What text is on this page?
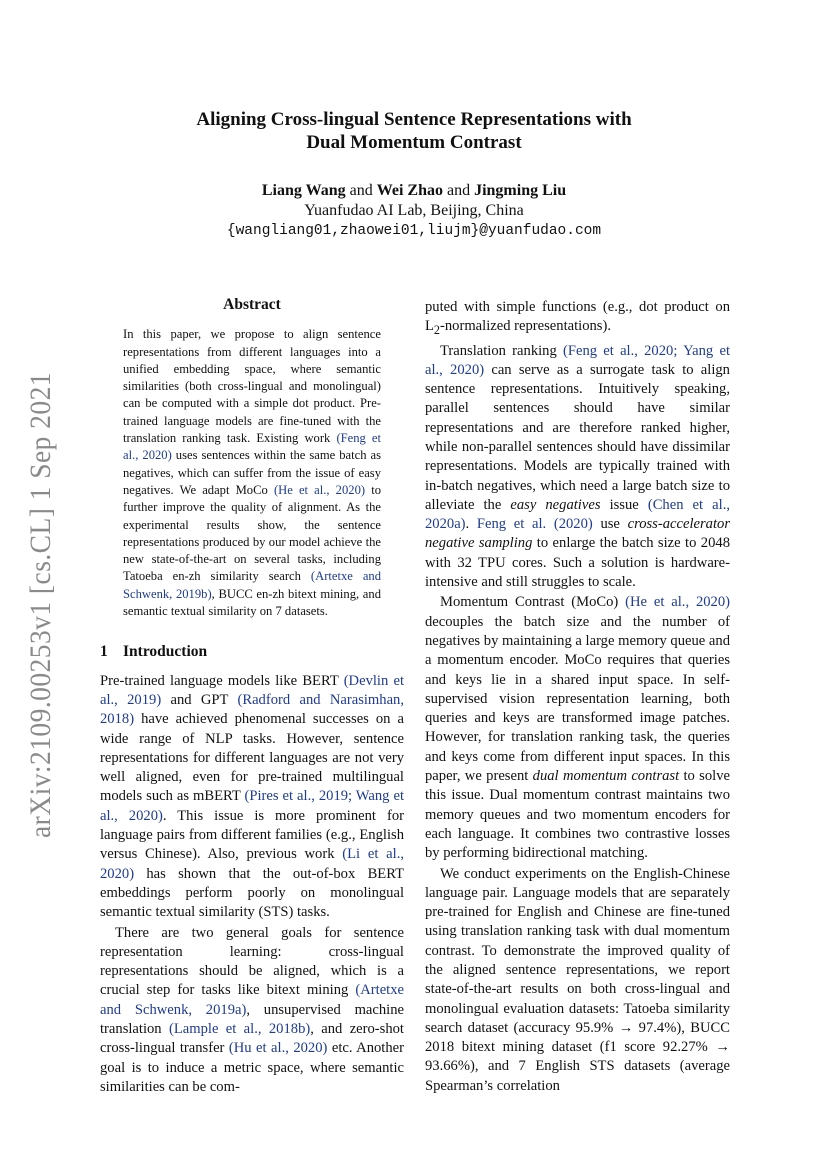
arXiv:2109.00253v1 [cs.CL] 1 Sep 2021
Aligning Cross-lingual Sentence Representations with
Dual Momentum Contrast
Liang Wang and Wei Zhao and Jingming Liu
Yuanfudao AI Lab, Beijing, China
{wangliang01,zhaowei01,liujm}@yuanfudao.com
Abstract
In this paper, we propose to align sentence representations from different languages into a unified embedding space, where semantic similarities (both cross-lingual and monolingual) can be computed with a simple dot product. Pre-trained language models are fine-tuned with the translation ranking task. Existing work (Feng et al., 2020) uses sentences within the same batch as negatives, which can suffer from the issue of easy negatives. We adapt MoCo (He et al., 2020) to further improve the quality of alignment. As the experimental results show, the sentence representations produced by our model achieve the new state-of-the-art on several tasks, including Tatoeba en-zh similarity search (Artetxe and Schwenk, 2019b), BUCC en-zh bitext mining, and semantic textual similarity on 7 datasets.
1 Introduction

Pre-trained language models like BERT (Devlin et al., 2019) and GPT (Radford and Narasimhan, 2018) have achieved phenomenal successes on a wide range of NLP tasks. However, sentence representations for different languages are not very well aligned, even for pre-trained multilingual models such as mBERT (Pires et al., 2019; Wang et al., 2020). This issue is more prominent for language pairs from different families (e.g., English versus Chinese). Also, previous work (Li et al., 2020) has shown that the out-of-box BERT embeddings perform poorly on monolingual semantic textual similarity (STS) tasks.

There are two general goals for sentence representation learning: cross-lingual representations should be aligned, which is a crucial step for tasks like bitext mining (Artetxe and Schwenk, 2019a), unsupervised machine translation (Lample et al., 2018b), and zero-shot cross-lingual transfer (Hu et al., 2020) etc. Another goal is to induce a metric space, where semantic similarities can be com-

puted with simple functions (e.g., dot product on $L_2$-normalized representations).

Translation ranking (Feng et al., 2020; Yang et al., 2020) can serve as a surrogate task to align sentence representations. Intuitively speaking, parallel sentences should have similar representations and are therefore ranked higher, while non-parallel sentences should have dissimilar representations. Models are typically trained with in-batch negatives, which need a large batch size to alleviate the easy negatives issue (Chen et al., 2020a). Feng et al. (2020) use cross-accelerator negative sampling to enlarge the batch size to 2048 with 32 TPU cores. Such a solution is hardware-intensive and still struggles to scale.

Momentum Contrast (MoCo) (He et al., 2020) decouples the batch size and the number of negatives by maintaining a large memory queue and a momentum encoder. MoCo requires that queries and keys lie in a shared input space. In self-supervised vision representation learning, both queries and keys are transformed image patches. However, for translation ranking task, the queries and keys come from different input spaces. In this paper, we present dual momentum contrast to solve this issue. Dual momentum contrast maintains two memory queues and two momentum encoders for each language. It combines two contrastive losses by performing bidirectional matching.

We conduct experiments on the English-Chinese language pair. Language models that are separately pre-trained for English and Chinese are fine-tuned using translation ranking task with dual momentum contrast. To demonstrate the improved quality of the aligned sentence representations, we report state-of-the-art results on both cross-lingual and monolingual evaluation datasets: Tatoeba similarity search dataset (accuracy 95.9% → 97.4%), BUCC 2018 bitext mining dataset (f1 score 92.27% → 93.66%), and 7 English STS datasets (average Spearman’s correlation
